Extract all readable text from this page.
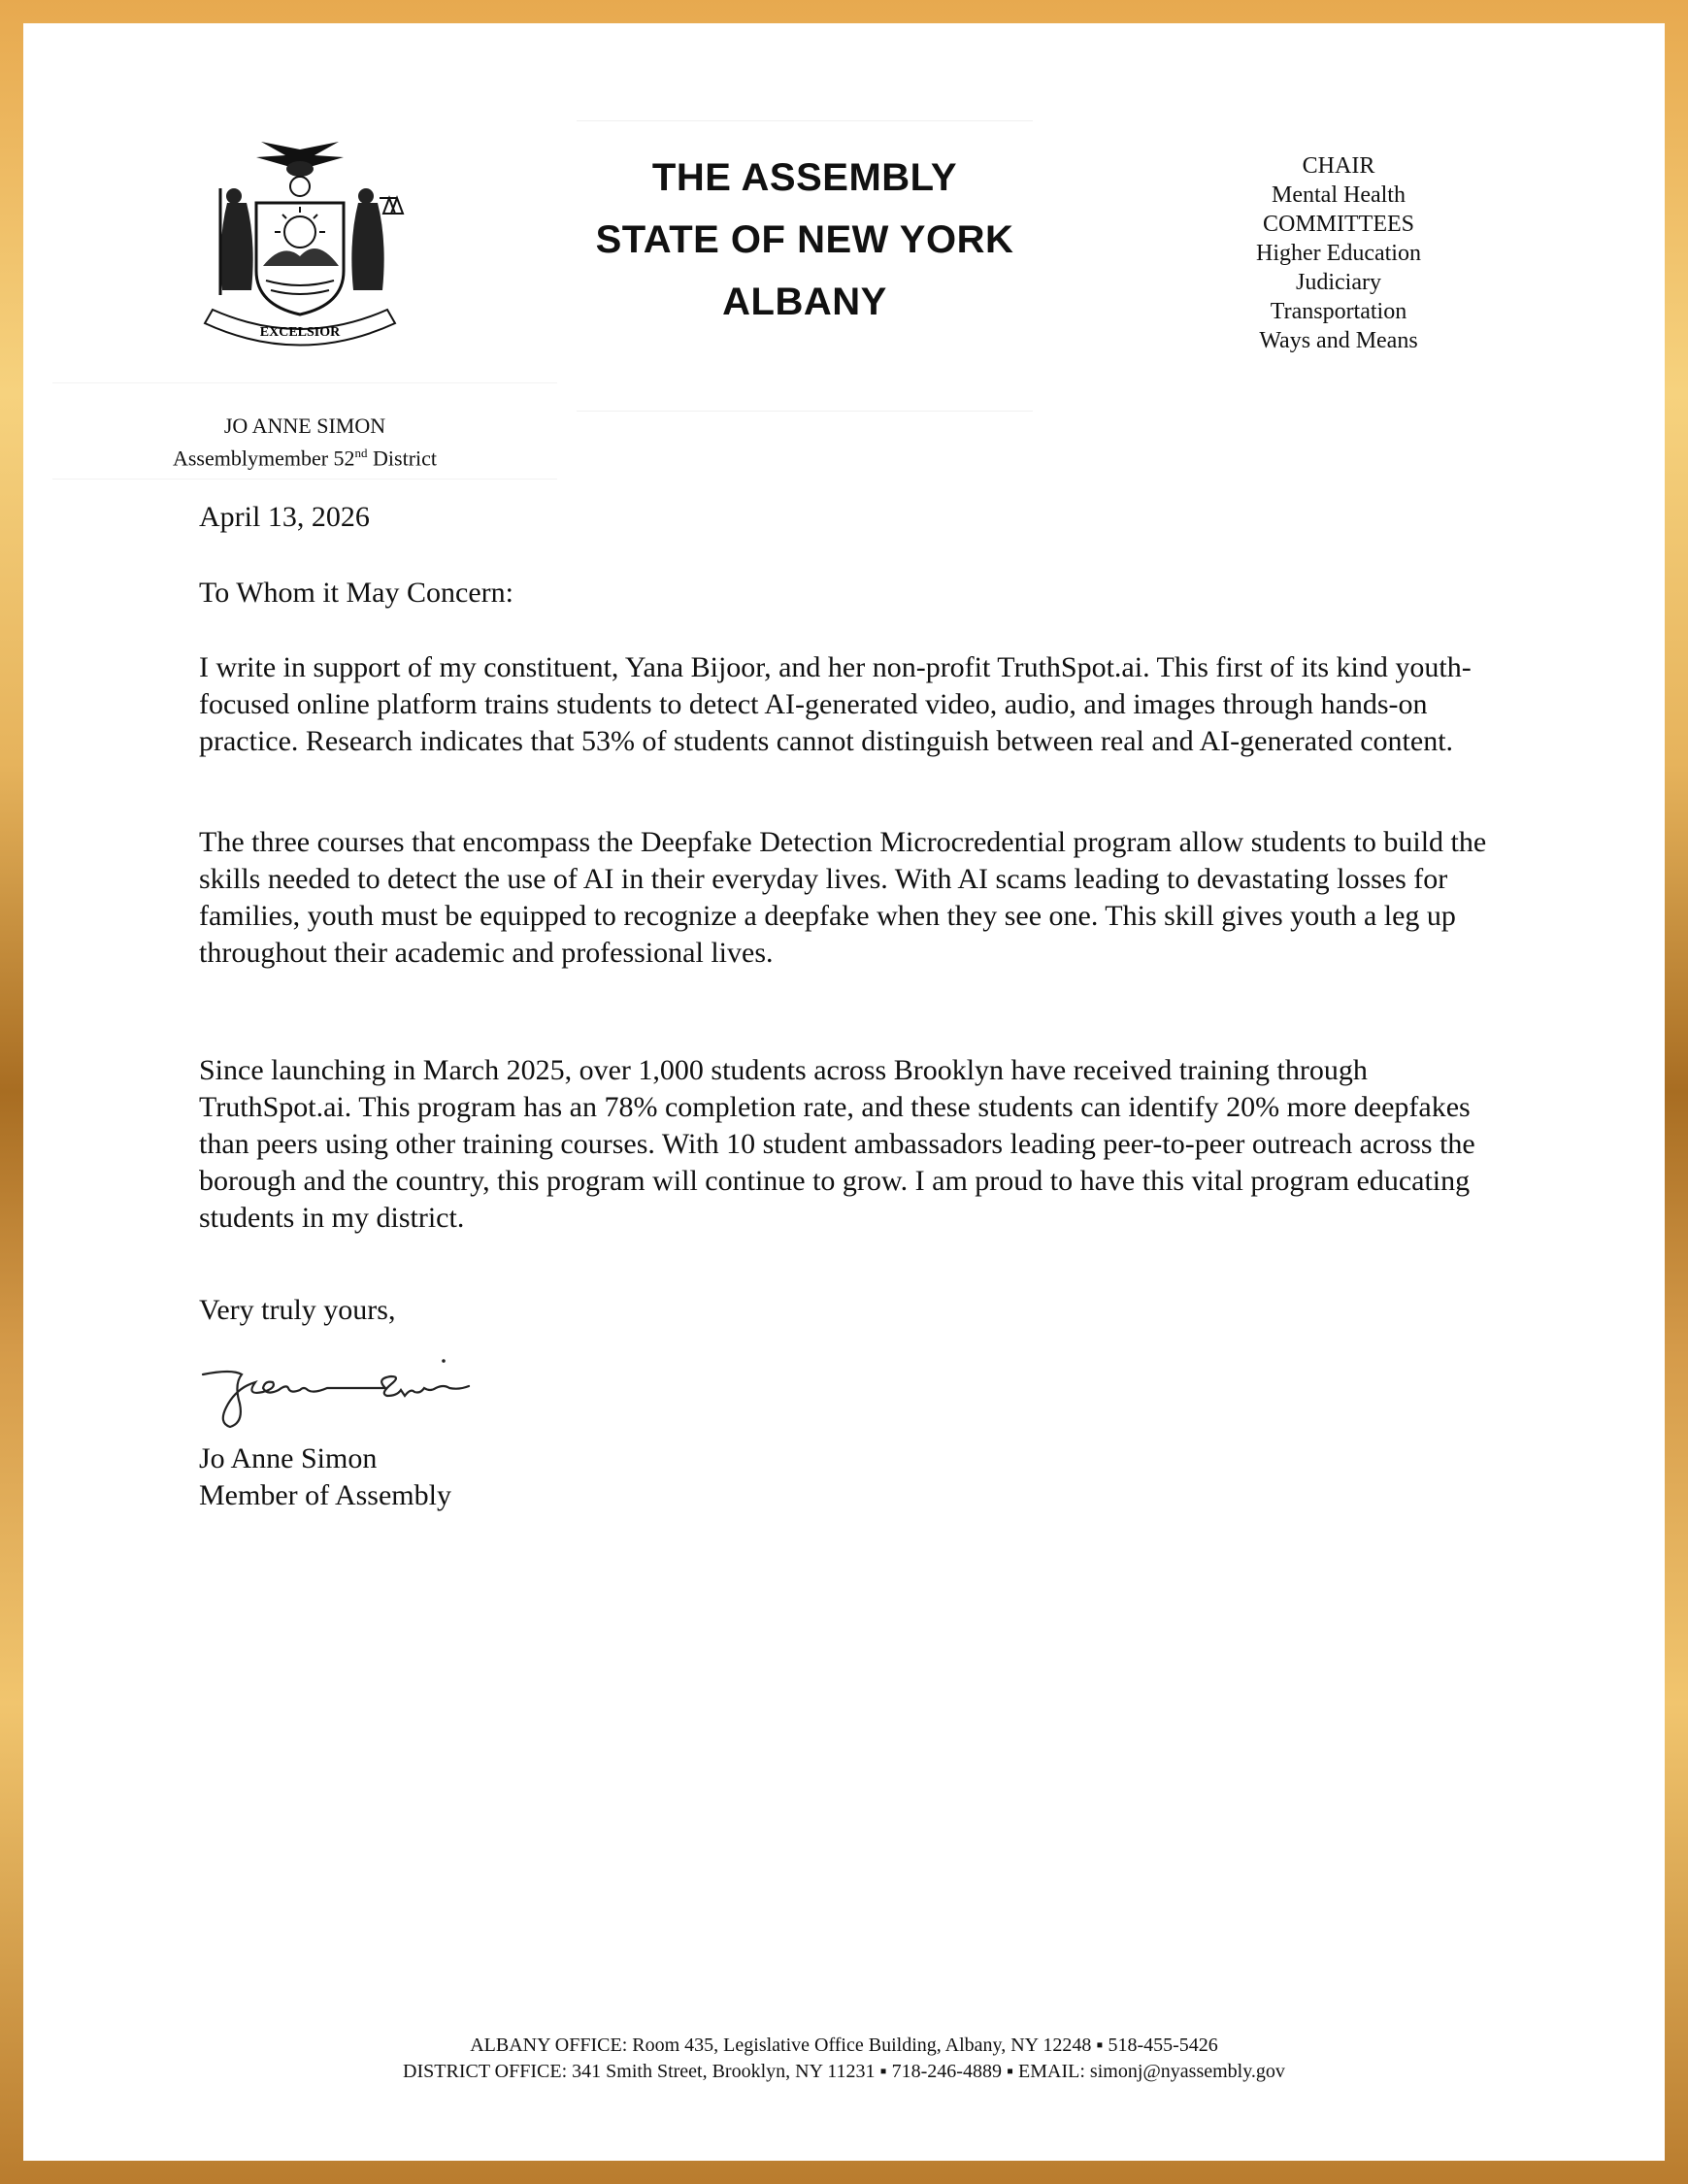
EXCELSIOR
THE ASSEMBLY
STATE OF NEW YORK
ALBANY
CHAIR
Mental Health
COMMITTEES
Higher Education
Judiciary
Transportation
Ways and Means
JO ANNE SIMON
Assemblymember 52nd District
April 13, 2026
To Whom it May Concern:
I write in support of my constituent, Yana Bijoor, and her non-profit TruthSpot.ai. This first of its kind youth-focused online platform trains students to detect AI-generated video, audio, and images through hands-on practice. Research indicates that 53% of students cannot distinguish between real and AI-generated content.
The three courses that encompass the Deepfake Detection Microcredential program allow students to build the skills needed to detect the use of AI in their everyday lives. With AI scams leading to devastating losses for families, youth must be equipped to recognize a deepfake when they see one. This skill gives youth a leg up throughout their academic and professional lives.
Since launching in March 2025, over 1,000 students across Brooklyn have received training through TruthSpot.ai. This program has an 78% completion rate, and these students can identify 20% more deepfakes than peers using other training courses. With 10 student ambassadors leading peer-to-peer outreach across the borough and the country, this program will continue to grow. I am proud to have this vital program educating students in my district.
Very truly yours,
Jo Anne Simon
Member of Assembly
ALBANY OFFICE: Room 435, Legislative Office Building, Albany, NY 12248 ▪ 518-455-5426
DISTRICT OFFICE: 341 Smith Street, Brooklyn, NY 11231 ▪ 718-246-4889 ▪ EMAIL: simonj@nyassembly.gov
